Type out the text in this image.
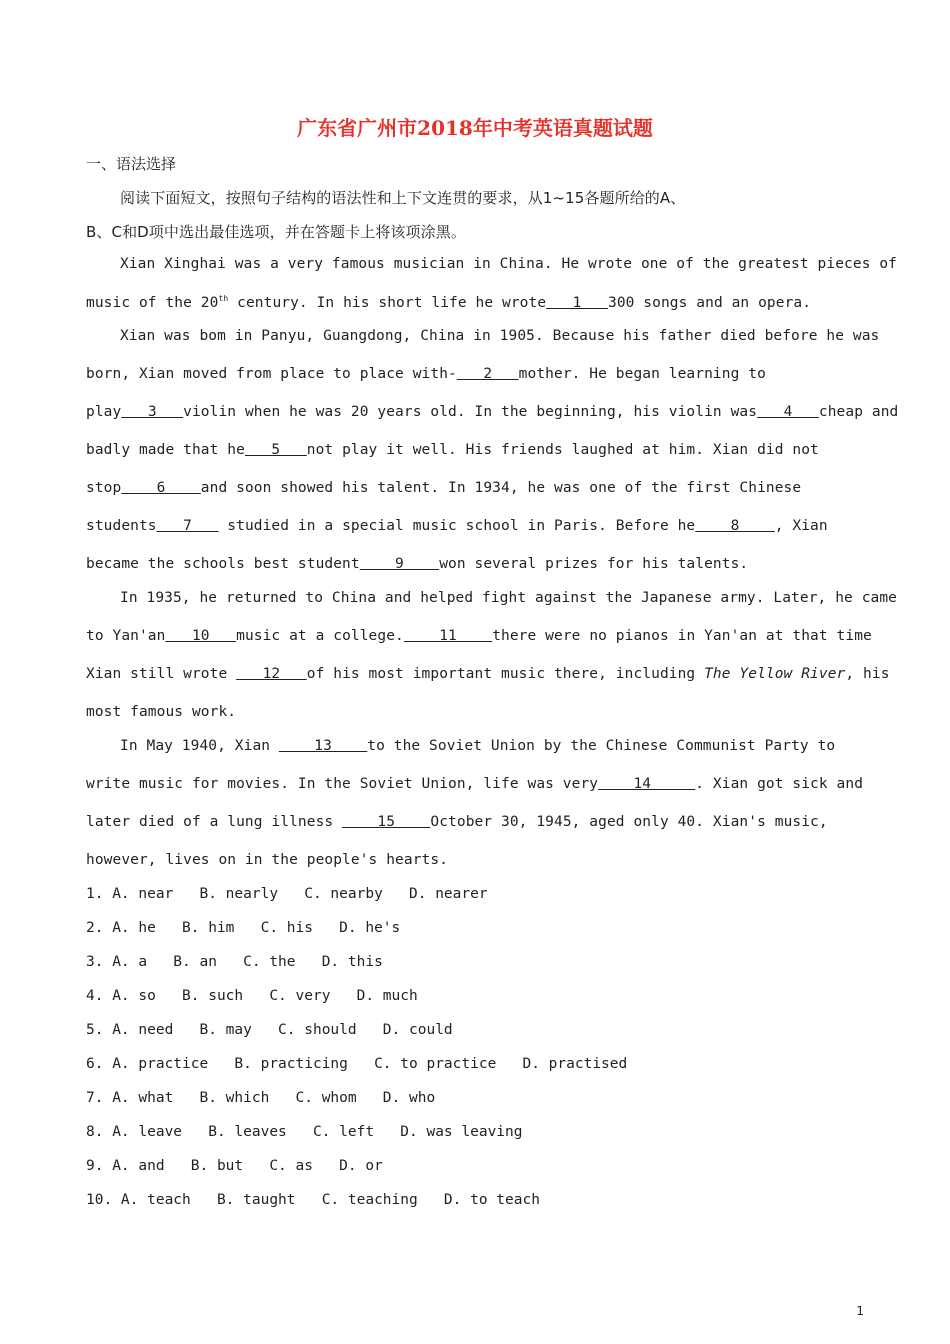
广东省广州市2018年中考英语真题试题
一、语法选择
阅读下面短文，按照句子结构的语法性和上下文连贯的要求，从1~15各题所给的A、
B、C和D项中选出最佳选项，并在答题卡上将该项涂黑。
Xian Xinghai was a very famous musician in China. He wrote one of the greatest pieces of
music of the 20th century. In his short life he wrote   1   300 songs and an opera.
Xian was bom in Panyu, Guangdong, China in 1905. Because his father died before he was
born, Xian moved from place to place with-   2   mother. He began learning to
play   3   violin when he was 20 years old. In the beginning, his violin was   4   cheap and
badly made that he   5   not play it well. His friends laughed at him. Xian did not
stop    6    and soon showed his talent. In 1934, he was one of the first Chinese
students   7    studied in a special music school in Paris. Before he    8    , Xian
became the schools best student    9    won several prizes for his talents.
In 1935, he returned to China and helped fight against the Japanese army. Later, he came
to Yan'an   10   music at a college.    11    there were no pianos in Yan'an at that time
Xian still wrote    12   of his most important music there, including The Yellow River, his
most famous work.
In May 1940, Xian     13    to the Soviet Union by the Chinese Communist Party to
write music for movies. In the Soviet Union, life was very    14     . Xian got sick and
later died of a lung illness     15    October 30, 1945, aged only 40. Xian's music,
however, lives on in the people's hearts.
1. A. near   B. nearly   C. nearby   D. nearer
2. A. he   B. him   C. his   D. he's
3. A. a   B. an   C. the   D. this
4. A. so   B. such   C. very   D. much
5. A. need   B. may   C. should   D. could
6. A. practice   B. practicing   C. to practice   D. practised
7. A. what   B. which   C. whom   D. who
8. A. leave   B. leaves   C. left   D. was leaving
9. A. and   B. but   C. as   D. or
10. A. teach   B. taught   C. teaching   D. to teach
1
